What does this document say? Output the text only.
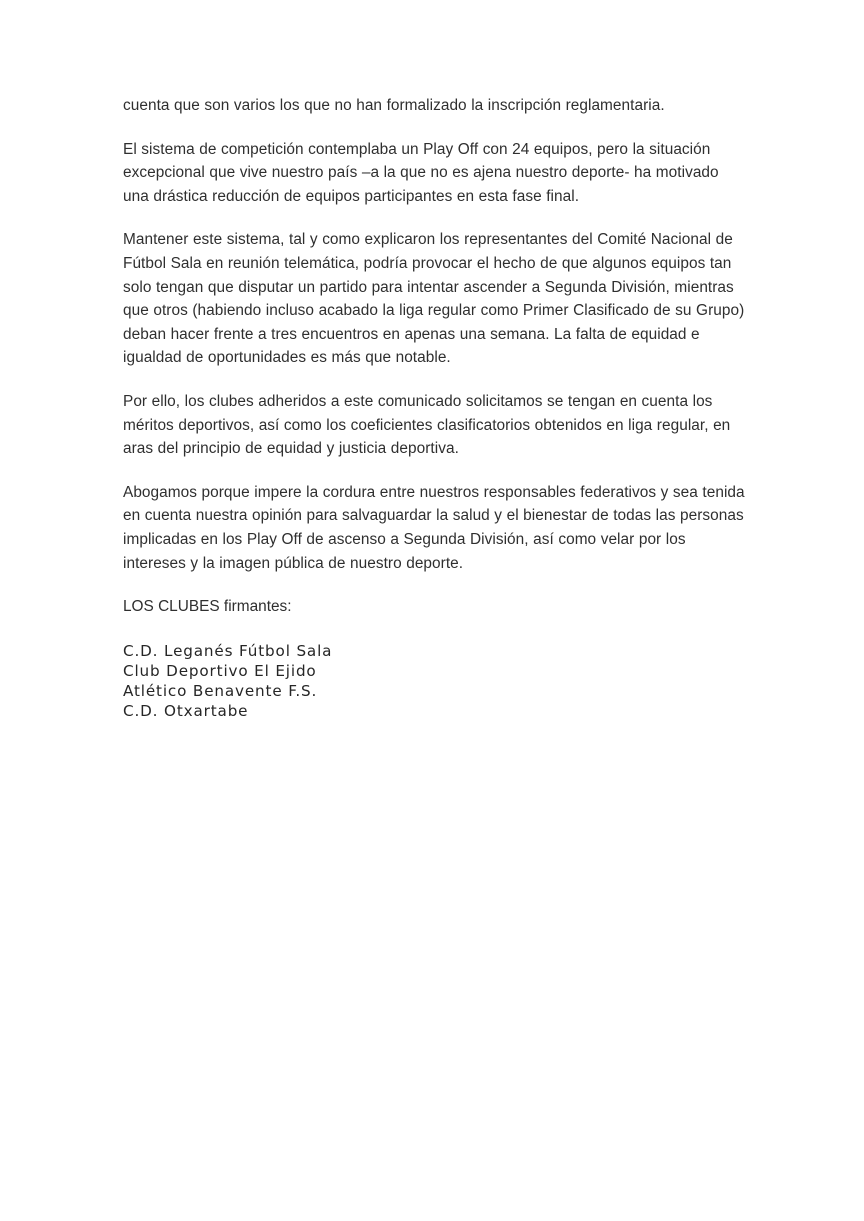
cuenta que son varios los que no han formalizado la inscripción reglamentaria.

El sistema de competición contemplaba un Play Off con 24 equipos, pero la situación excepcional que vive nuestro país –a la que no es ajena nuestro deporte- ha motivado una drástica reducción de equipos participantes en esta fase final.

Mantener este sistema, tal y como explicaron los representantes del Comité Nacional de Fútbol Sala en reunión telemática, podría provocar el hecho de que algunos equipos tan solo tengan que disputar un partido para intentar ascender a Segunda División, mientras que otros (habiendo incluso acabado la liga regular como Primer Clasificado de su Grupo) deban hacer frente a tres encuentros en apenas una semana. La falta de equidad e igualdad de oportunidades es más que notable.

Por ello, los clubes adheridos a este comunicado solicitamos se tengan en cuenta los méritos deportivos, así como los coeficientes clasificatorios obtenidos en liga regular, en aras del principio de equidad y justicia deportiva.

Abogamos porque impere la cordura entre nuestros responsables federativos y sea tenida en cuenta nuestra opinión para salvaguardar la salud y el bienestar de todas las personas implicadas en los Play Off de ascenso a Segunda División, así como velar por los intereses y la imagen pública de nuestro deporte.

LOS CLUBES firmantes:

C.D. Leganés Fútbol Sala
Club Deportivo El Ejido
Atlético Benavente F.S.
C.D. Otxartabe
